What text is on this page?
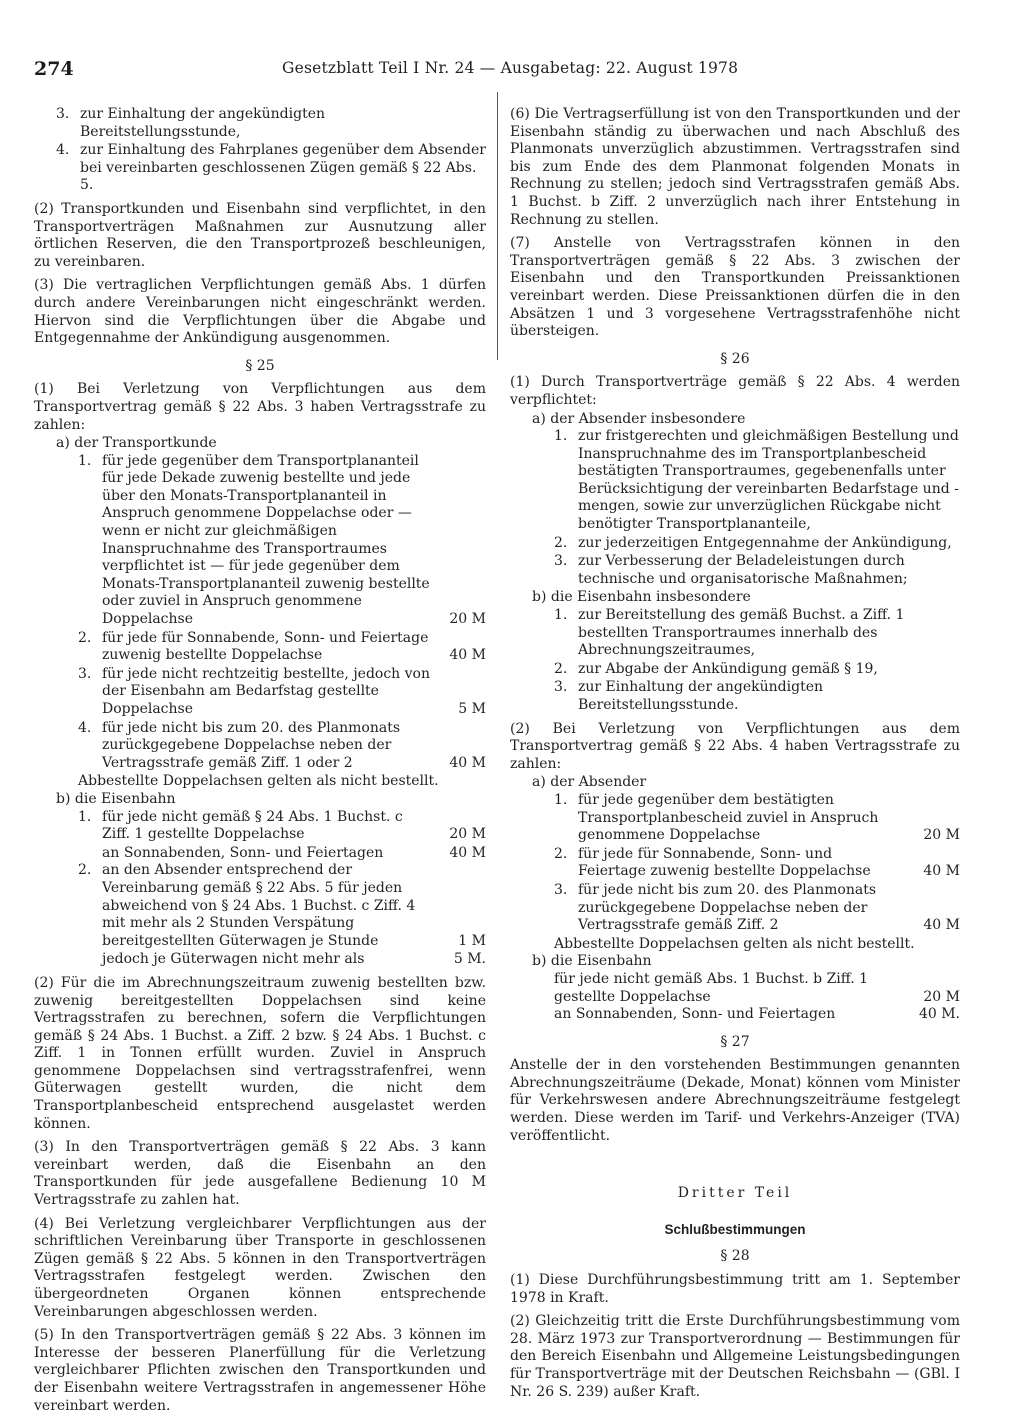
274	Gesetzblatt Teil I Nr. 24 — Ausgabetag: 22. August 1978
3. zur Einhaltung der angekündigten Bereitstellungsstunde,
4. zur Einhaltung des Fahrplanes gegenüber dem Absender bei vereinbarten geschlossenen Zügen gemäß § 22 Abs. 5.

(2) Transportkunden und Eisenbahn sind verpflichtet, in den Transportverträgen Maßnahmen zur Ausnutzung aller örtlichen Reserven, die den Transportprozeß beschleunigen, zu vereinbaren.

(3) Die vertraglichen Verpflichtungen gemäß Abs. 1 dürfen durch andere Vereinbarungen nicht eingeschränkt werden. Hiervon sind die Verpflichtungen über die Abgabe und Entgegennahme der Ankündigung ausgenommen.

§ 25

(1) Bei Verletzung von Verpflichtungen aus dem Transportvertrag gemäß § 22 Abs. 3 haben Vertragsstrafe zu zahlen:

a) der Transportkunde
1. für jede gegenüber dem Transportplananteil für jede Dekade zuwenig bestellte und jede über den Monats-Transportplananteil in Anspruch genommene Doppelachse oder — wenn er nicht zur gleichmäßigen Inanspruchnahme des Transportraumes verpflichtet ist — für jede gegenüber dem Monats-Transportplananteil zuwenig bestellte oder zuviel in Anspruch genommene Doppelachse	20 M
2. für jede für Sonnabende, Sonn- und Feiertage zuwenig bestellte Doppelachse	40 M
3. für jede nicht rechtzeitig bestellte, jedoch von der Eisenbahn am Bedarfstag gestellte Doppelachse	5 M
4. für jede nicht bis zum 20. des Planmonats zurückgegebene Doppelachse neben der Vertragsstrafe gemäß Ziff. 1 oder 2	40 M
Abbestellte Doppelachsen gelten als nicht bestellt.
b) die Eisenbahn
1. für jede nicht gemäß § 24 Abs. 1 Buchst. c Ziff. 1 gestellte Doppelachse	20 M
an Sonnabenden, Sonn- und Feiertagen	40 M
2. an den Absender entsprechend der Vereinbarung gemäß § 22 Abs. 5 für jeden abweichend von § 24 Abs. 1 Buchst. c Ziff. 4 mit mehr als 2 Stunden Verspätung bereitgestellten Güterwagen je Stunde	1 M
jedoch je Güterwagen nicht mehr als	5 M.

(2) Für die im Abrechnungszeitraum zuwenig bestellten bzw. zuwenig bereitgestellten Doppelachsen sind keine Vertragsstrafen zu berechnen, sofern die Verpflichtungen gemäß § 24 Abs. 1 Buchst. a Ziff. 2 bzw. § 24 Abs. 1 Buchst. c Ziff. 1 in Tonnen erfüllt wurden. Zuviel in Anspruch genommene Doppelachsen sind vertragsstrafenfrei, wenn Güterwagen gestellt wurden, die nicht dem Transportplanbescheid entsprechend ausgelastet werden können.

(3) In den Transportverträgen gemäß § 22 Abs. 3 kann vereinbart werden, daß die Eisenbahn an den Transportkunden für jede ausgefallene Bedienung 10 M Vertragsstrafe zu zahlen hat.

(4) Bei Verletzung vergleichbarer Verpflichtungen aus der schriftlichen Vereinbarung über Transporte in geschlossenen Zügen gemäß § 22 Abs. 5 können in den Transportverträgen Vertragsstrafen festgelegt werden. Zwischen den übergeordneten Organen können entsprechende Vereinbarungen abgeschlossen werden.

(5) In den Transportverträgen gemäß § 22 Abs. 3 können im Interesse der besseren Planerfüllung für die Verletzung vergleichbarer Pflichten zwischen den Transportkunden und der Eisenbahn weitere Vertragsstrafen in angemessener Höhe vereinbart werden.

(6) Die Vertragserfüllung ist von den Transportkunden und der Eisenbahn ständig zu überwachen und nach Abschluß des Planmonats unverzüglich abzustimmen. Vertragsstrafen sind bis zum Ende des dem Planmonat folgenden Monats in Rechnung zu stellen; jedoch sind Vertragsstrafen gemäß Abs. 1 Buchst. b Ziff. 2 unverzüglich nach ihrer Entstehung in Rechnung zu stellen.

(7) Anstelle von Vertragsstrafen können in den Transportverträgen gemäß § 22 Abs. 3 zwischen der Eisenbahn und den Transportkunden Preissanktionen vereinbart werden. Diese Preissanktionen dürfen die in den Absätzen 1 und 3 vorgesehene Vertragsstrafenhöhe nicht übersteigen.

§ 26

(1) Durch Transportverträge gemäß § 22 Abs. 4 werden verpflichtet:

a) der Absender insbesondere
1. zur fristgerechten und gleichmäßigen Bestellung und Inanspruchnahme des im Transportplanbescheid bestätigten Transportraumes, gegebenenfalls unter Berücksichtigung der vereinbarten Bedarfstage und -mengen, sowie zur unverzüglichen Rückgabe nicht benötigter Transportplananteile,
2. zur jederzeitigen Entgegennahme der Ankündigung,
3. zur Verbesserung der Beladeleistungen durch technische und organisatorische Maßnahmen;
b) die Eisenbahn insbesondere
1. zur Bereitstellung des gemäß Buchst. a Ziff. 1 bestellten Transportraumes innerhalb des Abrechnungszeitraumes,
2. zur Abgabe der Ankündigung gemäß § 19,
3. zur Einhaltung der angekündigten Bereitstellungsstunde.

(2) Bei Verletzung von Verpflichtungen aus dem Transportvertrag gemäß § 22 Abs. 4 haben Vertragsstrafe zu zahlen:

a) der Absender
1. für jede gegenüber dem bestätigten Transportplanbescheid zuviel in Anspruch genommene Doppelachse	20 M
2. für jede für Sonnabende, Sonn- und Feiertage zuwenig bestellte Doppelachse	40 M
3. für jede nicht bis zum 20. des Planmonats zurückgegebene Doppelachse neben der Vertragsstrafe gemäß Ziff. 2	40 M
Abbestellte Doppelachsen gelten als nicht bestellt.
b) die Eisenbahn
für jede nicht gemäß Abs. 1 Buchst. b Ziff. 1 gestellte Doppelachse	20 M
an Sonnabenden, Sonn- und Feiertagen	40 M.
§ 27

Anstelle der in den vorstehenden Bestimmungen genannten Abrechnungszeiträume (Dekade, Monat) können vom Minister für Verkehrswesen andere Abrechnungszeiträume festgelegt werden. Diese werden im Tarif- und Verkehrs-Anzeiger (TVA) veröffentlicht.

Dritter Teil
Schlußbestimmungen
§ 28

(1) Diese Durchführungsbestimmung tritt am 1. September 1978 in Kraft.

(2) Gleichzeitig tritt die Erste Durchführungsbestimmung vom 28. März 1973 zur Transportverordnung — Bestimmungen für den Bereich Eisenbahn und Allgemeine Leistungsbedingungen für Transportverträge mit der Deutschen Reichsbahn — (GBl. I Nr. 26 S. 239) außer Kraft.
